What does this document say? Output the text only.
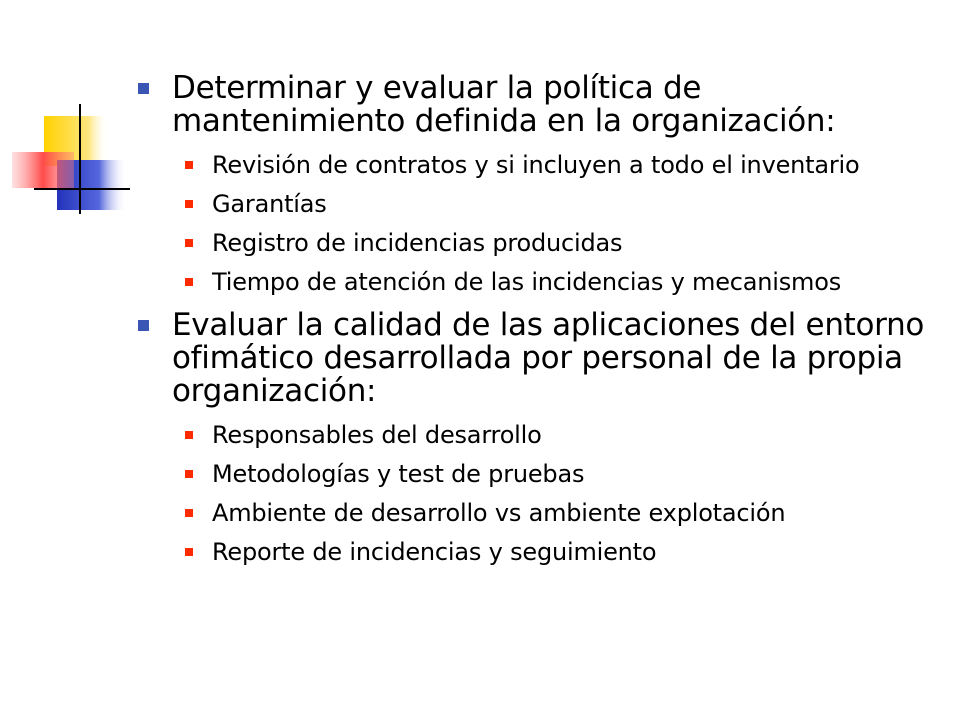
Determinar y evaluar la política de mantenimiento definida en la organización:
Revisión de contratos y si incluyen a todo el inventario
Garantías
Registro de incidencias producidas
Tiempo de atención de las incidencias y mecanismos
Evaluar la calidad de las aplicaciones del entorno ofimático desarrollada por personal de la propia organización:
Responsables del desarrollo
Metodologías y test de pruebas
Ambiente de desarrollo vs ambiente explotación
Reporte de incidencias y seguimiento
